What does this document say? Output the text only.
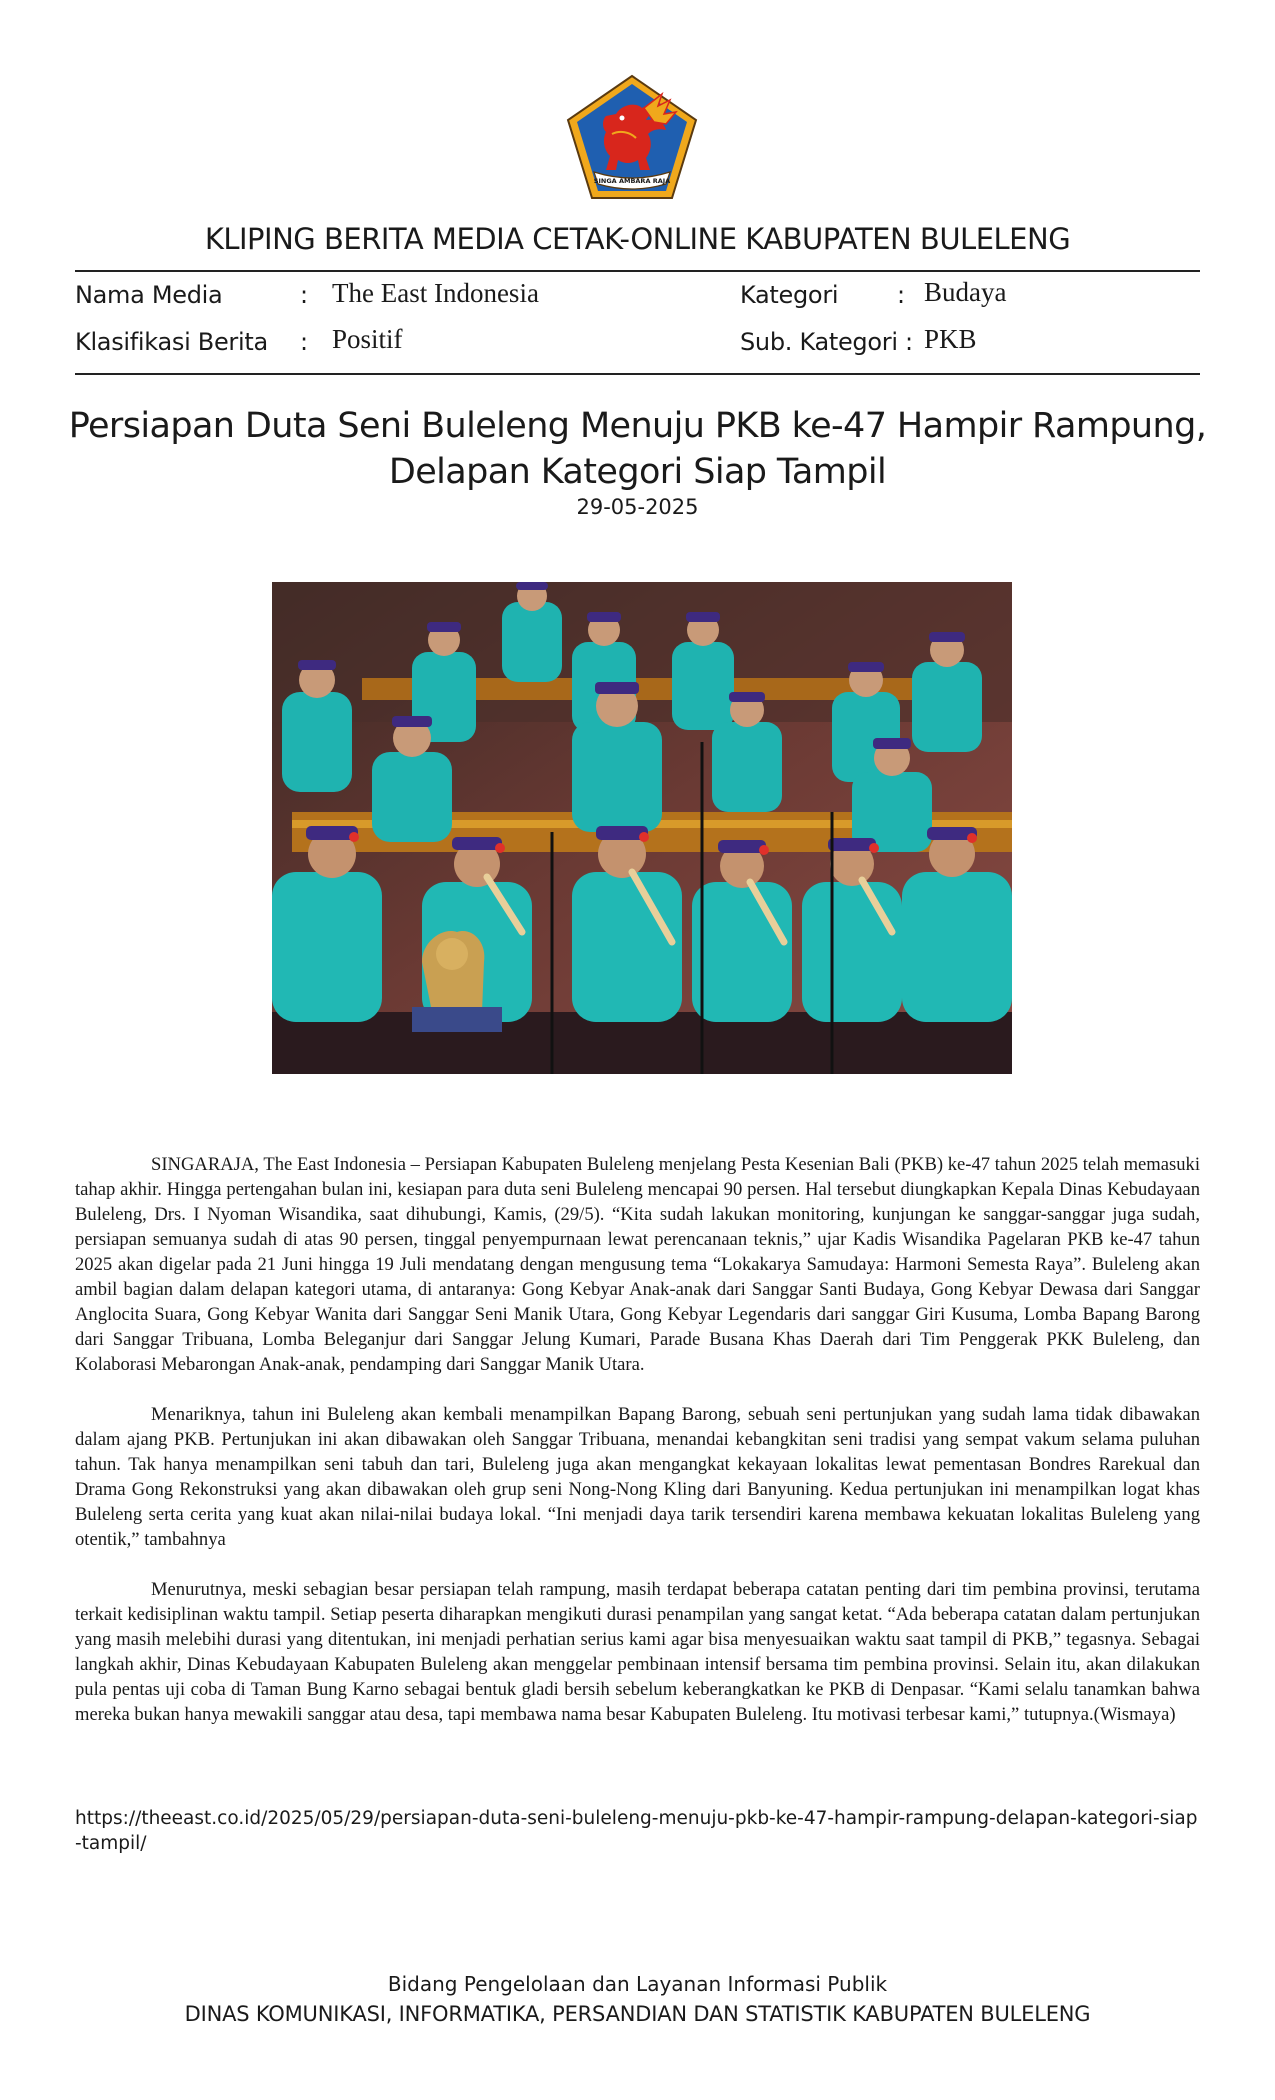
SINGA AMBARA RAJA
KLIPING BERITA MEDIA CETAK-ONLINE KABUPATEN BULELENG
Nama Media	: The East Indonesia	Kategori : Budaya
Klasifikasi Berita : Positif	Sub. Kategori : PKB
Persiapan Duta Seni Buleleng Menuju PKB ke-47 Hampir Rampung,
Delapan Kategori Siap Tampil
29-05-2025

SINGARAJA, The East Indonesia – Persiapan Kabupaten Buleleng menjelang Pesta Kesenian Bali (PKB) ke-47 tahun 2025 telah memasuki tahap akhir. Hingga pertengahan bulan ini, kesiapan para duta seni Buleleng mencapai 90 persen. Hal tersebut diungkapkan Kepala Dinas Kebudayaan Buleleng, Drs. I Nyoman Wisandika, saat dihubungi, Kamis, (29/5). “Kita sudah lakukan monitoring, kunjungan ke sanggar-sanggar juga sudah, persiapan semuanya sudah di atas 90 persen, tinggal penyempurnaan lewat perencanaan teknis,” ujar Kadis Wisandika Pagelaran PKB ke-47 tahun 2025 akan digelar pada 21 Juni hingga 19 Juli mendatang dengan mengusung tema “Lokakarya Samudaya: Harmoni Semesta Raya”. Buleleng akan ambil bagian dalam delapan kategori utama, di antaranya: Gong Kebyar Anak-anak dari Sanggar Santi Budaya, Gong Kebyar Dewasa dari Sanggar Anglocita Suara, Gong Kebyar Wanita dari Sanggar Seni Manik Utara, Gong Kebyar Legendaris dari sanggar Giri Kusuma, Lomba Bapang Barong dari Sanggar Tribuana, Lomba Beleganjur dari Sanggar Jelung Kumari, Parade Busana Khas Daerah dari Tim Penggerak PKK Buleleng, dan Kolaborasi Mebarongan Anak-anak, pendamping dari Sanggar Manik Utara.

Menariknya, tahun ini Buleleng akan kembali menampilkan Bapang Barong, sebuah seni pertunjukan yang sudah lama tidak dibawakan dalam ajang PKB. Pertunjukan ini akan dibawakan oleh Sanggar Tribuana, menandai kebangkitan seni tradisi yang sempat vakum selama puluhan tahun. Tak hanya menampilkan seni tabuh dan tari, Buleleng juga akan mengangkat kekayaan lokalitas lewat pementasan Bondres Rarekual dan Drama Gong Rekonstruksi yang akan dibawakan oleh grup seni Nong-Nong Kling dari Banyuning. Kedua pertunjukan ini menampilkan logat khas Buleleng serta cerita yang kuat akan nilai-nilai budaya lokal. “Ini menjadi daya tarik tersendiri karena membawa kekuatan lokalitas Buleleng yang otentik,” tambahnya

Menurutnya, meski sebagian besar persiapan telah rampung, masih terdapat beberapa catatan penting dari tim pembina provinsi, terutama terkait kedisiplinan waktu tampil. Setiap peserta diharapkan mengikuti durasi penampilan yang sangat ketat. “Ada beberapa catatan dalam pertunjukan yang masih melebihi durasi yang ditentukan, ini menjadi perhatian serius kami agar bisa menyesuaikan waktu saat tampil di PKB,” tegasnya. Sebagai langkah akhir, Dinas Kebudayaan Kabupaten Buleleng akan menggelar pembinaan intensif bersama tim pembina provinsi. Selain itu, akan dilakukan pula pentas uji coba di Taman Bung Karno sebagai bentuk gladi bersih sebelum keberangkatkan ke PKB di Denpasar. “Kami selalu tanamkan bahwa mereka bukan hanya mewakili sanggar atau desa, tapi membawa nama besar Kabupaten Buleleng. Itu motivasi terbesar kami,” tutupnya.(Wismaya)

https://theeast.co.id/2025/05/29/persiapan-duta-seni-buleleng-menuju-pkb-ke-47-hampir-rampung-delapan-kategori-siap-tampil/
Bidang Pengelolaan dan Layanan Informasi Publik
DINAS KOMUNIKASI, INFORMATIKA, PERSANDIAN DAN STATISTIK KABUPATEN BULELENG
